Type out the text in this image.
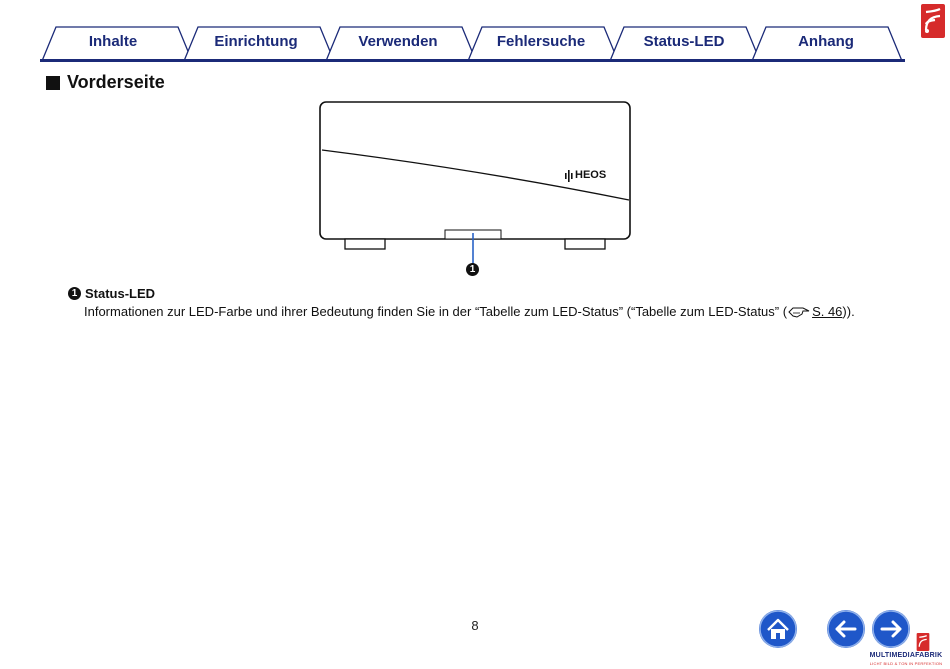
Inhalte	Einrichtung	Verwenden	Fehlersuche	Status-LED	Anhang
Vorderseite
HEOS
1
1 Status-LED
Informationen zur LED-Farbe und ihrer Bedeutung finden Sie in der “Tabelle zum LED-Status” (“Tabelle zum LED-Status” ( S. 46)).
8
MULTIMEDIAFABRIK
LICHT BILD & TON IN PERFEKTION
